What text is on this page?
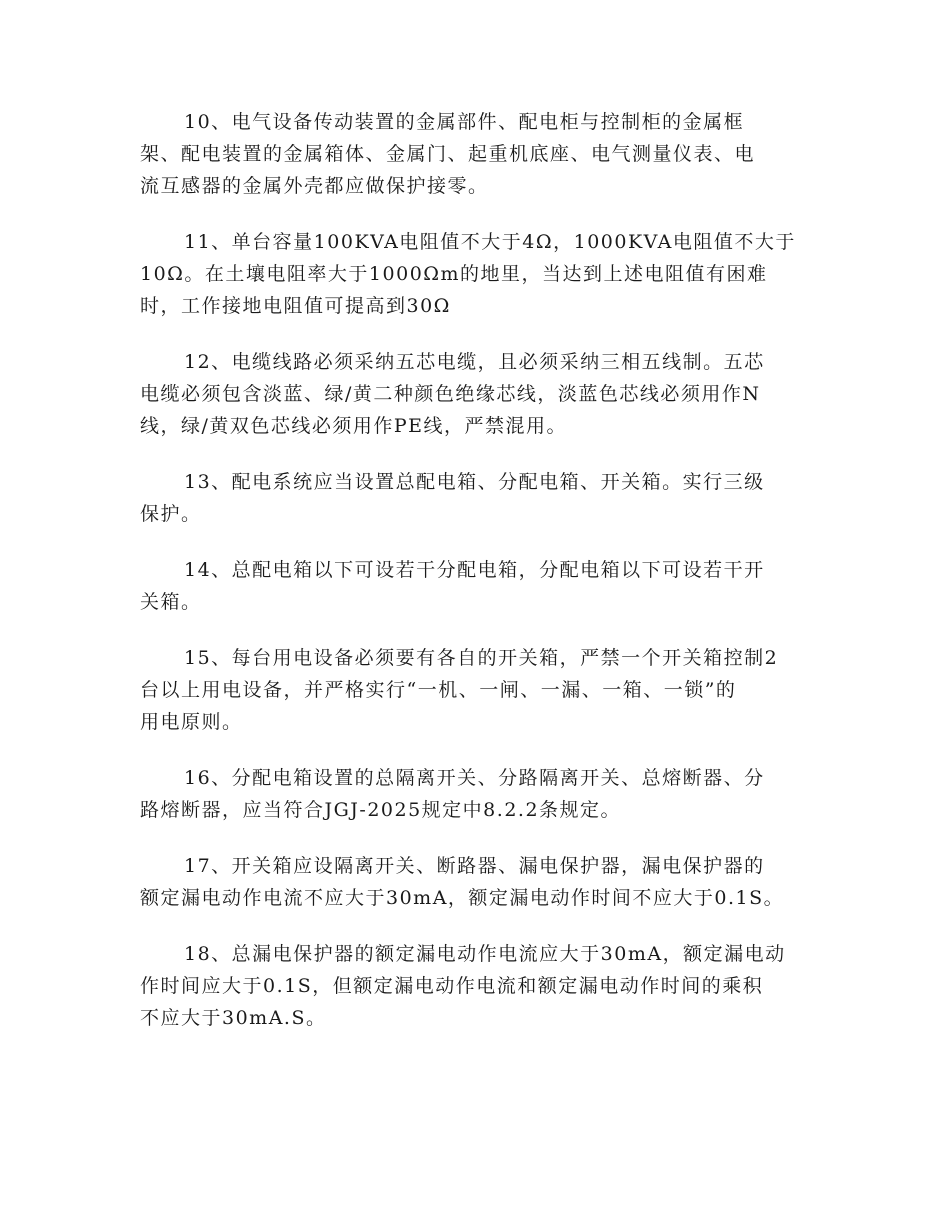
10、电气设备传动装置的金属部件、配电柜与控制柜的金属框
架、配电装置的金属箱体、金属门、起重机底座、电气测量仪表、电
流互感器的金属外壳都应做保护接零。

11、单台容量100KVA电阻值不大于4Ω，1000KVA电阻值不大于
10Ω。在土壤电阻率大于1000Ωm的地里，当达到上述电阻值有困难
时，工作接地电阻值可提高到30Ω

12、电缆线路必须采纳五芯电缆，且必须采纳三相五线制。五芯
电缆必须包含淡蓝、绿/黄二种颜色绝缘芯线，淡蓝色芯线必须用作N
线，绿/黄双色芯线必须用作PE线，严禁混用。

13、配电系统应当设置总配电箱、分配电箱、开关箱。实行三级
保护。

14、总配电箱以下可设若干分配电箱，分配电箱以下可设若干开
关箱。

15、每台用电设备必须要有各自的开关箱，严禁一个开关箱控制2
台以上用电设备，并严格实行“一机、一闸、一漏、一箱、一锁”的
用电原则。

16、分配电箱设置的总隔离开关、分路隔离开关、总熔断器、分
路熔断器，应当符合JGJ-2025规定中8.2.2条规定。

17、开关箱应设隔离开关、断路器、漏电保护器，漏电保护器的
额定漏电动作电流不应大于30mA，额定漏电动作时间不应大于0.1S。

18、总漏电保护器的额定漏电动作电流应大于30mA，额定漏电动
作时间应大于0.1S，但额定漏电动作电流和额定漏电动作时间的乘积
不应大于30mA.S。
